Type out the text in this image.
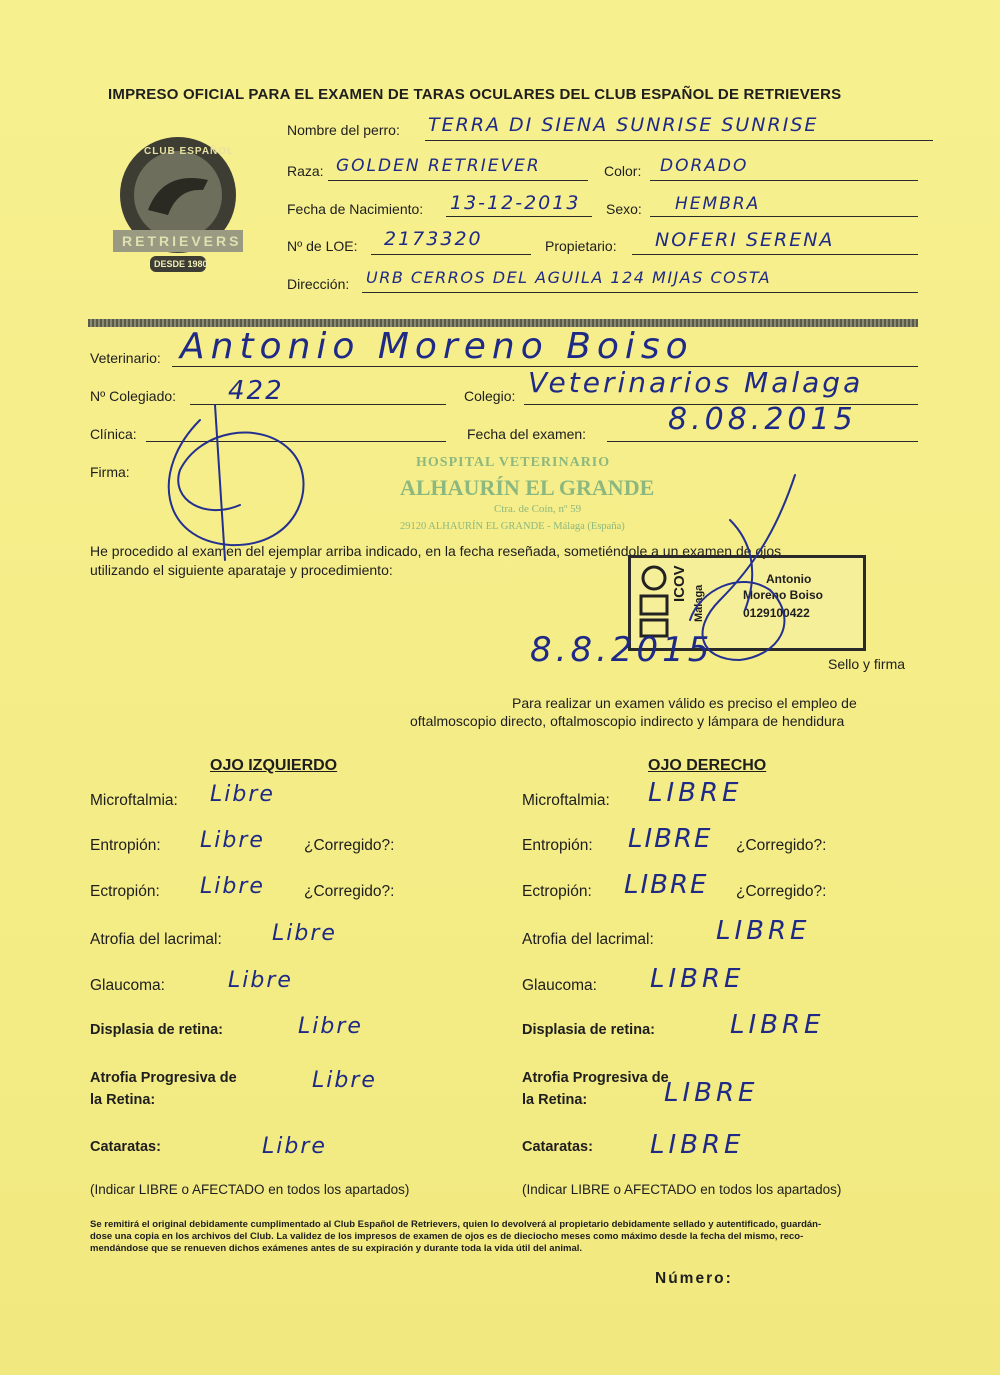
IMPRESO OFICIAL PARA EL EXAMEN DE TARAS OCULARES DEL CLUB ESPAÑOL DE RETRIEVERS
CLUB ESPAÑOL
RETRIEVERS
DESDE 1980
Nombre del perro: TERRA DI SIENA SUNRISE SUNRISE
Raza: GOLDEN RETRIEVER	Color: DORADO
Fecha de Nacimiento: 13-12-2013 Sexo: HEMBRA
Nº de LOE: 2173320	Propietario: NOFERI SERENA
Dirección: URB CERROS DEL AGUILA 124 MIJAS COSTA
Veterinario: Antonio Moreno Boiso
Nº Colegiado: 422	Colegio: Veterinarios Malaga
Clínica:	Fecha del examen:	8.08.2015
Firma:
HOSPITAL VETERINARIO
ALHAURÍN EL GRANDE
Ctra. de Coín, nº 59
29120 ALHAURÍN EL GRANDE - Málaga (España)
He procedido al examen del ejemplar arriba indicado, en la fecha reseñada, sometiéndole a un examen de ojos
utilizando el siguiente aparataje y procedimiento:	ICOV
Malaga
Antonio
Moreno Boiso
0129100422
8.8.2015	Sello y firma
Para realizar un examen válido es preciso el empleo de
oftalmoscopio directo, oftalmoscopio indirecto y lámpara de hendidura
OJO IZQUIERDO	OJO DERECHO
Microftalmia: Libre
Entropión: Libre	¿Corregido?:
Ectropión: Libre	¿Corregido?:
Atrofia del lacrimal: Libre
Glaucoma:	Libre
Displasia de retina:	Libre
Atrofia Progresiva de
la Retina:
Libre
Cataratas:	Libre
(Indicar LIBRE o AFECTADO en todos los apartados)
Microftalmia: LIBRE
Entropión: LIBRE ¿Corregido?:
Ectropión: LIBRE ¿Corregido?:
Atrofia del lacrimal: LIBRE
Glaucoma: LIBRE
Displasia de retina:	LIBRE
Atrofia Progresiva de
la Retina:	LIBRE
Cataratas: LIBRE
(Indicar LIBRE o AFECTADO en todos los apartados)
Se remitirá el original debidamente cumplimentado al Club Español de Retrievers, quien lo devolverá al propietario debidamente sellado y autentificado, guardán-
dose una copia en los archivos del Club. La validez de los impresos de examen de ojos es de dieciocho meses como máximo desde la fecha del mismo, reco-
mendándose que se renueven dichos exámenes antes de su expiración y durante toda la vida útil del animal.
Número:
